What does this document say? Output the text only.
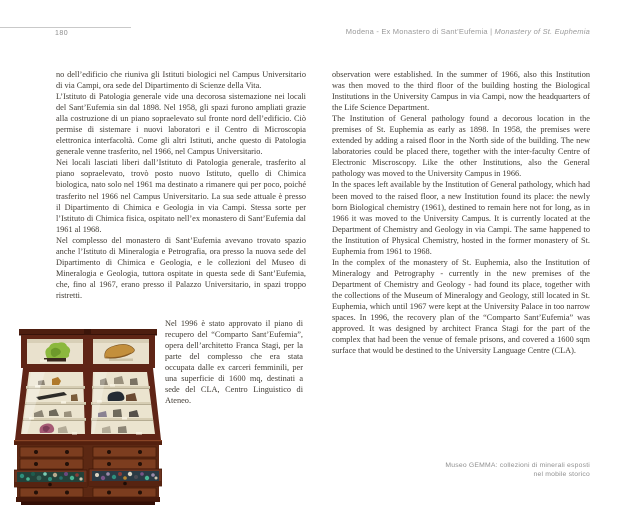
180	Modena - Ex Monastero di Sant’Eufemia | Monastery of St. Euphemia

no dell’edificio che riuniva gli Istituti biologici nel Campus Universitario di via Campi, ora sede del Dipartimento di Scienze della Vita.

L’Istituto di Patologia generale vide una decorosa sistemazione nei locali del Sant’Eufemia sin dal 1898. Nel 1958, gli spazi furono ampliati grazie alla costruzione di un piano sopraelevato sul fronte nord dell’edificio. Ciò permise di sistemare i nuovi laboratori e il Centro di Microscopia elettronica interfacoltà. Come gli altri Istituti, anche questo di Patologia generale venne trasferito, nel 1966, nel Campus Universitario.

Nei locali lasciati liberi dall’Istituto di Patologia generale, trasferito al piano sopraelevato, trovò posto nuovo Istituto, quello di Chimica biologica, nato solo nel 1961 ma destinato a rimanere qui per poco, poiché trasferito nel 1966 nel Campus Universitario. La sua sede attuale è presso il Dipartimento di Chimica e Geologia in via Campi. Stessa sorte per l’Istituto di Chimica fisica, ospitato nell’ex monastero di Sant’Eufemia dal 1961 al 1968.

Nel complesso del monastero di Sant’Eufemia avevano trovato spazio anche l’Istituto di Mineralogia e Petrografia, ora presso la nuova sede del Dipartimento di Chimica e Geologia, e le collezioni del Museo di Mineralogia e Geologia, tuttora ospitate in questa sede di Sant’Eufemia, che, fino al 1967, erano presso il Palazzo Universitario, in spazi troppo ristretti.

Nel 1996 è stato approvato il piano di recupero del “Comparto Sant’Eufemia”, opera dell’architetto Franca Stagi, per la parte del complesso che era stata occupata dalle ex carceri femminili, per una superficie di 1600 mq, destinati a sede del CLA, Centro Linguistico di Ateneo.

observation were established. In the summer of 1966, also this Institution was then moved to the third floor of the building hosting the Biological Institutions in the University Campus in via Campi, now the headquarters of the Life Science Department.

The Institution of General pathology found a decorous location in the premises of St. Euphemia as early as 1898. In 1958, the premises were extended by adding a raised floor in the North side of the building. The new laboratories could be placed there, together with the inter-faculty Centre of Electronic Miscroscopy. Like the other Institutions, also the General pathology was moved to the University Campus in 1966.

In the spaces left available by the Institution of General pathology, which had been moved to the raised floor, a new Institution found its place: the newly born Biological chemistry (1961), destined to remain here not for long, as in 1966 it was moved to the University Campus. It is currently located at the Department of Chemistry and Geology in via Campi. The same happened to the Institution of Physical Chemistry, hosted in the former monastery of St. Euphemia from 1961 to 1968.

In the complex of the monastery of St. Euphemia, also the Institution of Mineralogy and Petrography - currently in the new premises of the Department of Chemistry and Geology - had found its place, together with the collections of the Museum of Mineralogy and Geology, still located in St. Euphemia, which until 1967 were kept at the University Palace in too narrow spaces. In 1996, the recovery plan of the “Comparto Sant’Eufemia” was approved. It was designed by architect Franca Stagi for the part of the complex that had been the venue of female prisons, and covered a 1600 sqm surface that would be destined to the University Language Centre (CLA).

Museo GEMMA: collezioni di minerali esposti
nel mobile storico
